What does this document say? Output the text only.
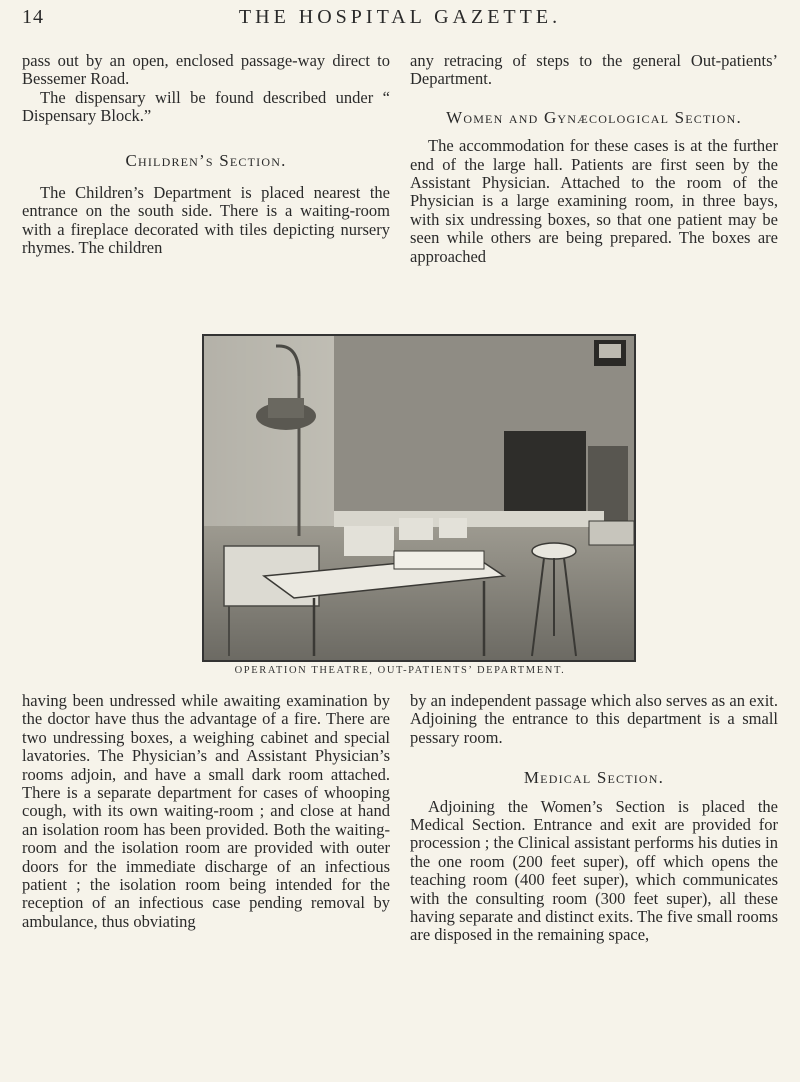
14	THE HOSPITAL GAZETTE.

pass out by an open, enclosed passage-way direct to Bessemer Road.

The dispensary will be found described under “ Dispensary Block.”

Children’s Section.

The Children’s Department is placed nearest the entrance on the south side. There is a waiting-room with a fireplace decorated with tiles depicting nursery rhymes. The children

any retracing of steps to the general Out-patients’ Department.

Women and Gynæcological Section.

The accommodation for these cases is at the further end of the large hall. Patients are first seen by the Assistant Physician. Attached to the room of the Physician is a large examining room, in three bays, with six undressing boxes, so that one patient may be seen while others are being prepared. The boxes are approached

OPERATION THEATRE, OUT-PATIENTS’ DEPARTMENT.

having been undressed while awaiting examination by the doctor have thus the advantage of a fire. There are two undressing boxes, a weighing cabinet and special lavatories. The Physician’s and Assistant Physician’s rooms adjoin, and have a small dark room attached. There is a separate department for cases of whooping cough, with its own waiting-room ; and close at hand an isolation room has been provided. Both the waiting-room and the isolation room are provided with outer doors for the immediate discharge of an infectious patient ; the isolation room being intended for the reception of an infectious case pending removal by ambulance, thus obviating

by an independent passage which also serves as an exit. Adjoining the entrance to this department is a small pessary room.

Medical Section.

Adjoining the Women’s Section is placed the Medical Section. Entrance and exit are provided for procession ; the Clinical assistant performs his duties in the one room (200 feet super), off which opens the teaching room (400 feet super), which communicates with the consulting room (300 feet super), all these having separate and distinct exits. The five small rooms are disposed in the remaining space,
